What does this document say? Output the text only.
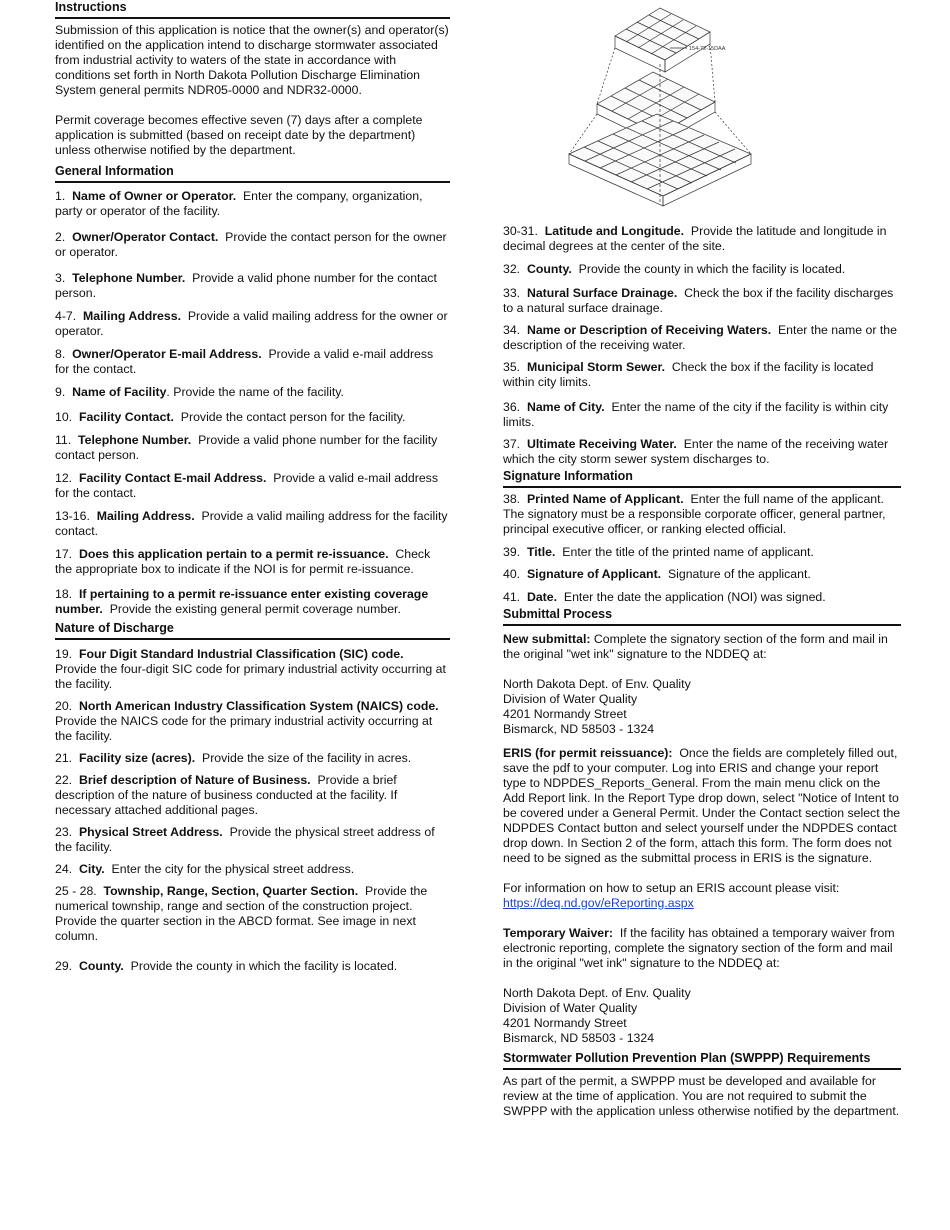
Instructions

Submission of this application is notice that the owner(s) and operator(s) identified on the application intend to discharge stormwater associated from industrial activity to waters of the state in accordance with conditions set forth in North Dakota Pollution Discharge Elimination System general permits NDR05-0000 and NDR32-0000.

Permit coverage becomes effective seven (7) days after a complete application is submitted (based on receipt date by the department) unless otherwise notified by the department.

General Information

1. Name of Owner or Operator. Enter the company, organization, party or operator of the facility.

2. Owner/Operator Contact. Provide the contact person for the owner or operator.

3. Telephone Number. Provide a valid phone number for the contact person.

4-7. Mailing Address. Provide a valid mailing address for the owner or operator.

8. Owner/Operator E-mail Address. Provide a valid e-mail address for the contact.

9. Name of Facility. Provide the name of the facility.

10. Facility Contact. Provide the contact person for the facility.

11. Telephone Number. Provide a valid phone number for the facility contact person.

12. Facility Contact E-mail Address. Provide a valid e-mail address for the contact.

13-16. Mailing Address. Provide a valid mailing address for the facility contact.

17. Does this application pertain to a permit re-issuance. Check the appropriate box to indicate if the NOI is for permit re-issuance.

18. If pertaining to a permit re-issuance enter existing coverage number. Provide the existing general permit coverage number.

Nature of Discharge

19. Four Digit Standard Industrial Classification (SIC) code.  Provide the four-digit SIC code for primary industrial activity occurring at the facility.

20. North American Industry Classification System (NAICS) code.  Provide the NAICS code for the primary industrial activity occurring at the facility.

21. Facility size (acres). Provide the size of the facility in acres.

22. Brief description of Nature of Business. Provide a brief description of the nature of business conducted at the facility. If necessary attached additional pages.

23. Physical Street Address. Provide the physical street address of the facility.

24. City. Enter the city for the physical street address.

25 - 28. Township, Range, Section, Quarter Section. Provide the numerical township, range and section of the construction project. Provide the quarter section in the ABCD format. See image in next column.

29. County. Provide the county in which the facility is located.

154-72-15DAA

30-31. Latitude and Longitude. Provide the latitude and longitude in decimal degrees at the center of the site.

32. County. Provide the county in which the facility is located.

33. Natural Surface Drainage. Check the box if the facility discharges to a natural surface drainage.

34. Name or Description of Receiving Waters. Enter the name or the description of the receiving water.

35. Municipal Storm Sewer. Check the box if the facility is located within city limits.

36. Name of City. Enter the name of the city if the facility is within city limits.

37. Ultimate Receiving Water. Enter the name of the receiving water which the city storm sewer system discharges to.

Signature Information

38. Printed Name of Applicant. Enter the full name of the applicant. The signatory must be a responsible corporate officer, general partner, principal executive officer, or ranking elected official.

39. Title. Enter the title of the printed name of applicant.

40. Signature of Applicant. Signature of the applicant.

41. Date. Enter the date the application (NOI) was signed.

Submittal Process

New submittal: Complete the signatory section of the form and mail in the original "wet ink" signature to the NDDEQ at:

North Dakota Dept. of Env. Quality
Division of Water Quality
4201 Normandy Street
Bismarck, ND 58503 - 1324

ERIS (for permit reissuance): Once the fields are completely filled out, save the pdf to your computer. Log into ERIS and change your report type to NDPDES_Reports_General. From the main menu click on the Add Report link. In the Report Type drop down, select "Notice of Intent to be covered under a General Permit. Under the Contact section select the NDPDES Contact button and select yourself under the NDPDES contact drop down. In Section 2 of the form, attach this form. The form does not need to be signed as the submittal process in ERIS is the signature.

For information on how to setup an ERIS account please visit: https://deq.nd.gov/eReporting.aspx

Temporary Waiver: If the facility has obtained a temporary waiver from electronic reporting, complete the signatory section of the form and mail in the original "wet ink" signature to the NDDEQ at:

North Dakota Dept. of Env. Quality
Division of Water Quality
4201 Normandy Street
Bismarck, ND 58503 - 1324
Stormwater Pollution Prevention Plan (SWPPP) Requirements

As part of the permit, a SWPPP must be developed and available for review at the time of application. You are not required to submit the SWPPP with the application unless otherwise notified by the department.
